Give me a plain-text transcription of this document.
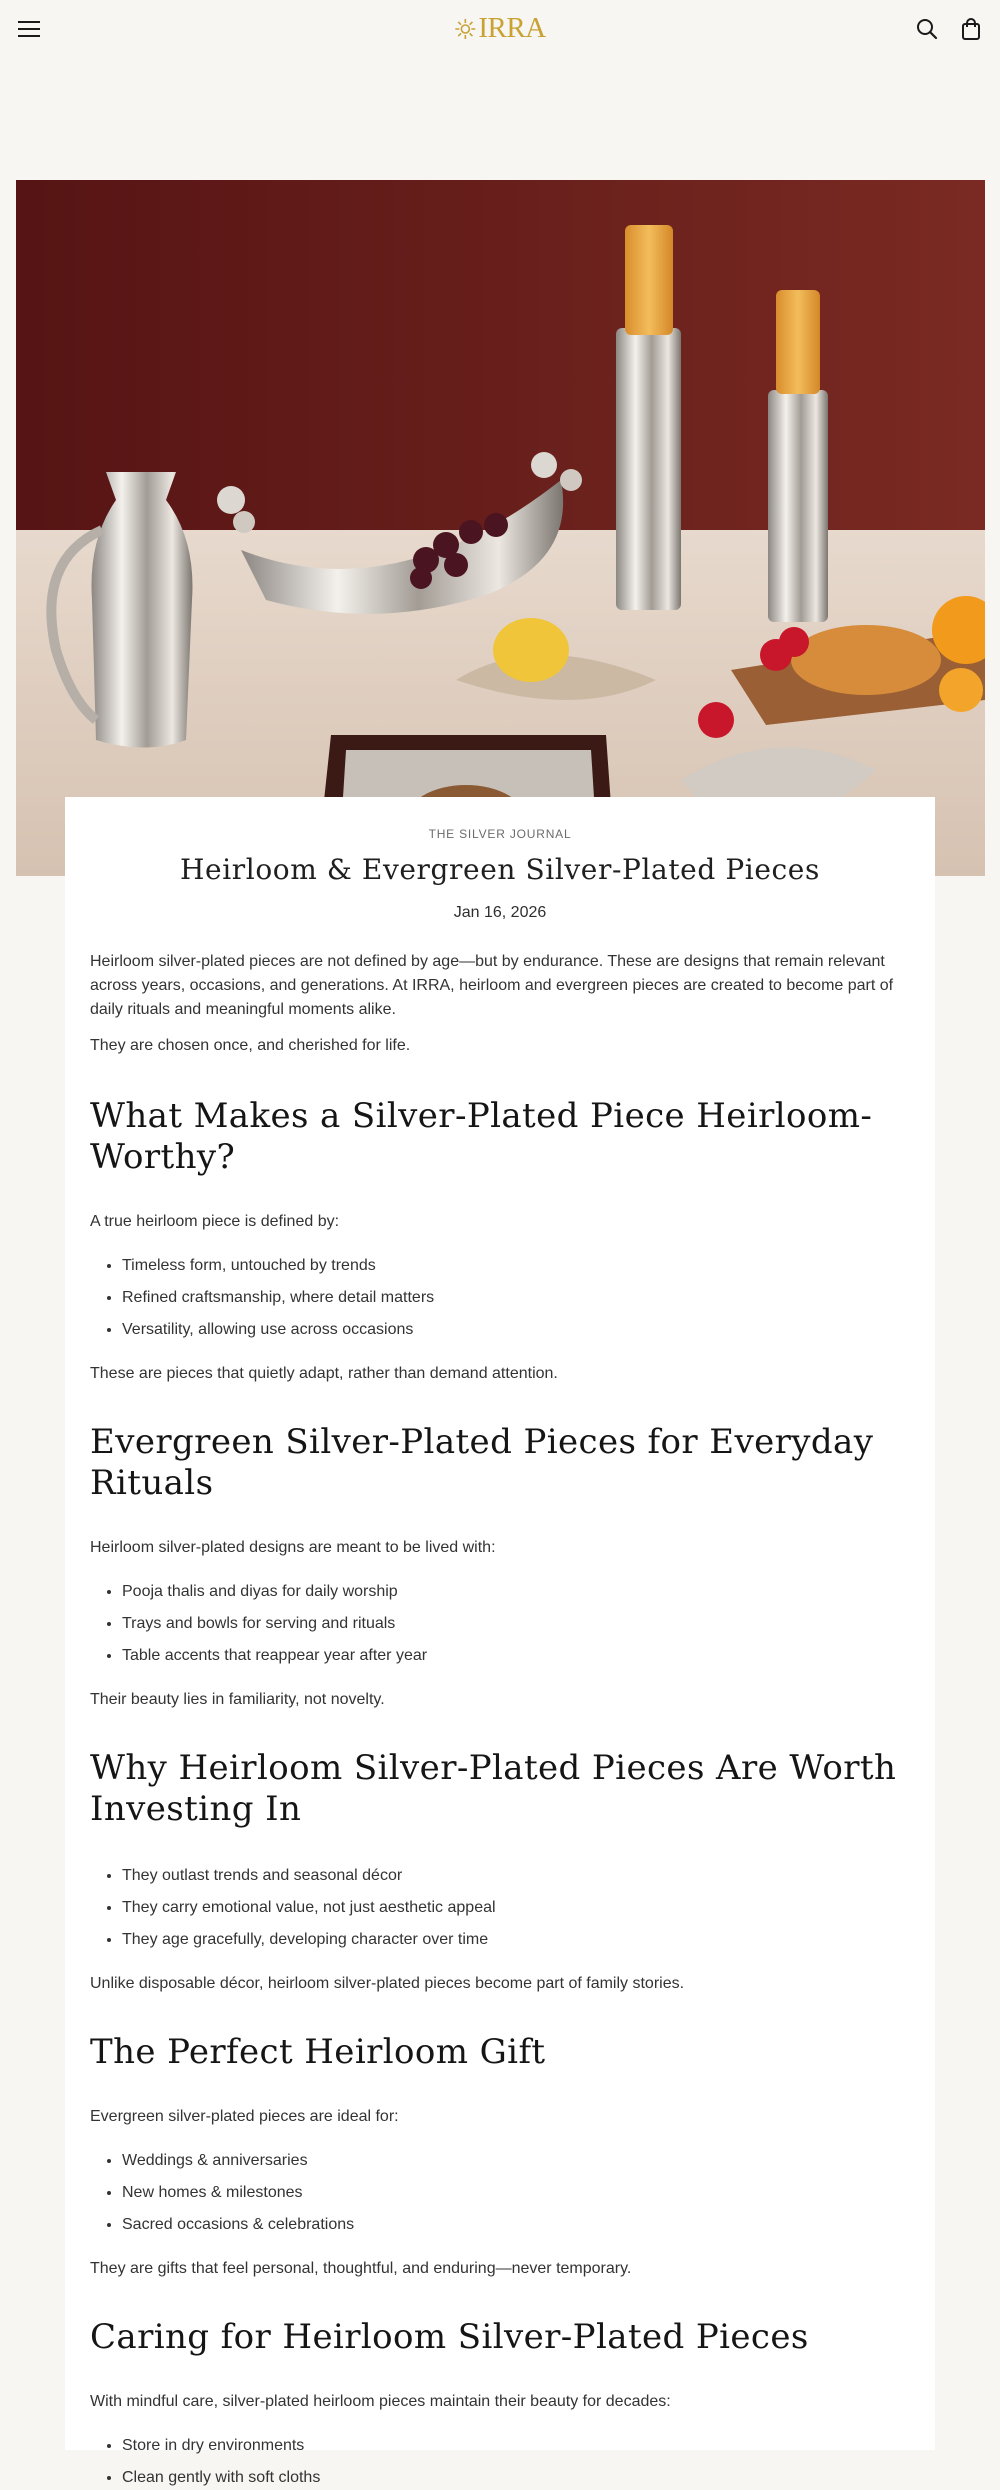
IRRA
THE SILVER JOURNAL
Heirloom & Evergreen Silver-Plated Pieces
Jan 16, 2026

Heirloom silver-plated pieces are not defined by age—but by endurance. These are designs that remain relevant across years, occasions, and generations. At IRRA, heirloom and evergreen pieces are created to become part of daily rituals and meaningful moments alike.

They are chosen once, and cherished for life.

What Makes a Silver-Plated Piece Heirloom-Worthy?

A true heirloom piece is defined by:

• Timeless form, untouched by trends
• Refined craftsmanship, where detail matters
• Versatility, allowing use across occasions

These are pieces that quietly adapt, rather than demand attention.

Evergreen Silver-Plated Pieces for Everyday Rituals

Heirloom silver-plated designs are meant to be lived with:

• Pooja thalis and diyas for daily worship
• Trays and bowls for serving and rituals
• Table accents that reappear year after year

Their beauty lies in familiarity, not novelty.

Why Heirloom Silver-Plated Pieces Are Worth Investing In
• They outlast trends and seasonal décor
• They carry emotional value, not just aesthetic appeal
• They age gracefully, developing character over time

Unlike disposable décor, heirloom silver-plated pieces become part of family stories.

The Perfect Heirloom Gift

Evergreen silver-plated pieces are ideal for:

• Weddings & anniversaries
• New homes & milestones
• Sacred occasions & celebrations

They are gifts that feel personal, thoughtful, and enduring—never temporary.

Caring for Heirloom Silver-Plated Pieces

With mindful care, silver-plated heirloom pieces maintain their beauty for decades:

• Store in dry environments
• Clean gently with soft cloths
